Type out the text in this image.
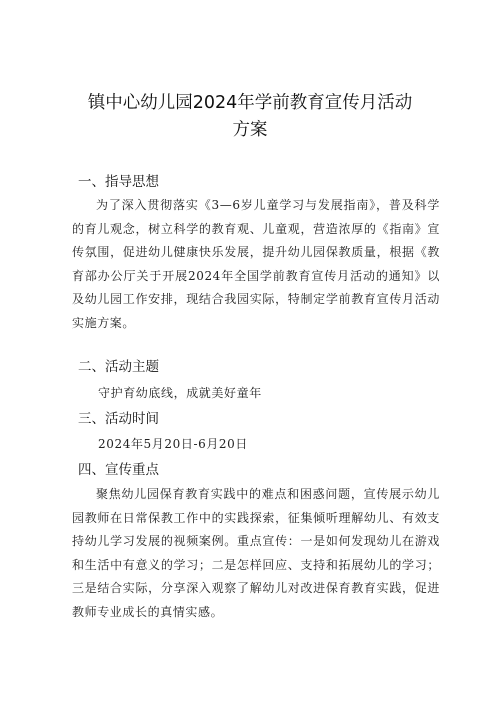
镇中心幼儿园2024年学前教育宣传月活动
方案
一、指导思想
为了深入贯彻落实《3—6岁儿童学习与发展指南》，普及科学的育儿观念，树立科学的教育观、儿童观，营造浓厚的《指南》宣传氛围，促进幼儿健康快乐发展，提升幼儿园保教质量，根据《教育部办公厅关于开展2024年全国学前教育宣传月活动的通知》以及幼儿园工作安排，现结合我园实际，特制定学前教育宣传月活动实施方案。
二、活动主题
守护育幼底线，成就美好童年
三、活动时间
2024年5月20日-6月20日
四、宣传重点
聚焦幼儿园保育教育实践中的难点和困惑问题，宣传展示幼儿园教师在日常保教工作中的实践探索，征集倾听理解幼儿、有效支持幼儿学习发展的视频案例。重点宣传：一是如何发现幼儿在游戏和生活中有意义的学习；二是怎样回应、支持和拓展幼儿的学习；三是结合实际，分享深入观察了解幼儿对改进保育教育实践，促进教师专业成长的真情实感。
